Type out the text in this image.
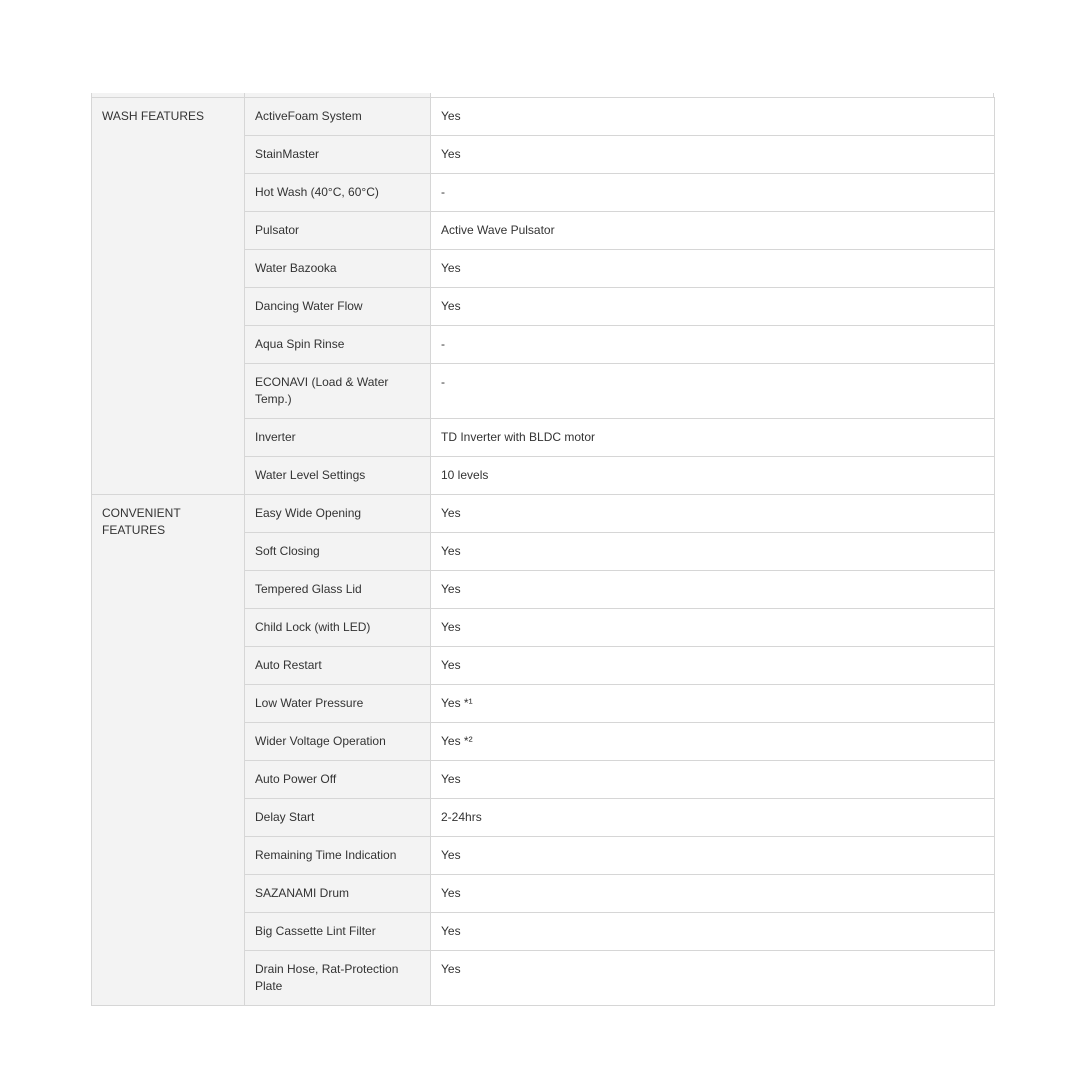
WASH FEATURES	ActiveFoam System	Yes
	StainMaster	Yes
	Hot Wash (40°C, 60°C)	-
	Pulsator	Active Wave Pulsator
	Water Bazooka	Yes
	Dancing Water Flow	Yes
	Aqua Spin Rinse	-
	ECONAVI (Load & Water Temp.)	-
	Inverter	TD Inverter with BLDC motor
	Water Level Settings	10 levels
CONVENIENT FEATURES	Easy Wide Opening	Yes
	Soft Closing	Yes
	Tempered Glass Lid	Yes
	Child Lock (with LED)	Yes
	Auto Restart	Yes
	Low Water Pressure	Yes *¹
	Wider Voltage Operation	Yes *²
	Auto Power Off	Yes
	Delay Start	2-24hrs
	Remaining Time Indication	Yes
	SAZANAMI Drum	Yes
	Big Cassette Lint Filter	Yes
	Drain Hose, Rat-Protection Plate	Yes
